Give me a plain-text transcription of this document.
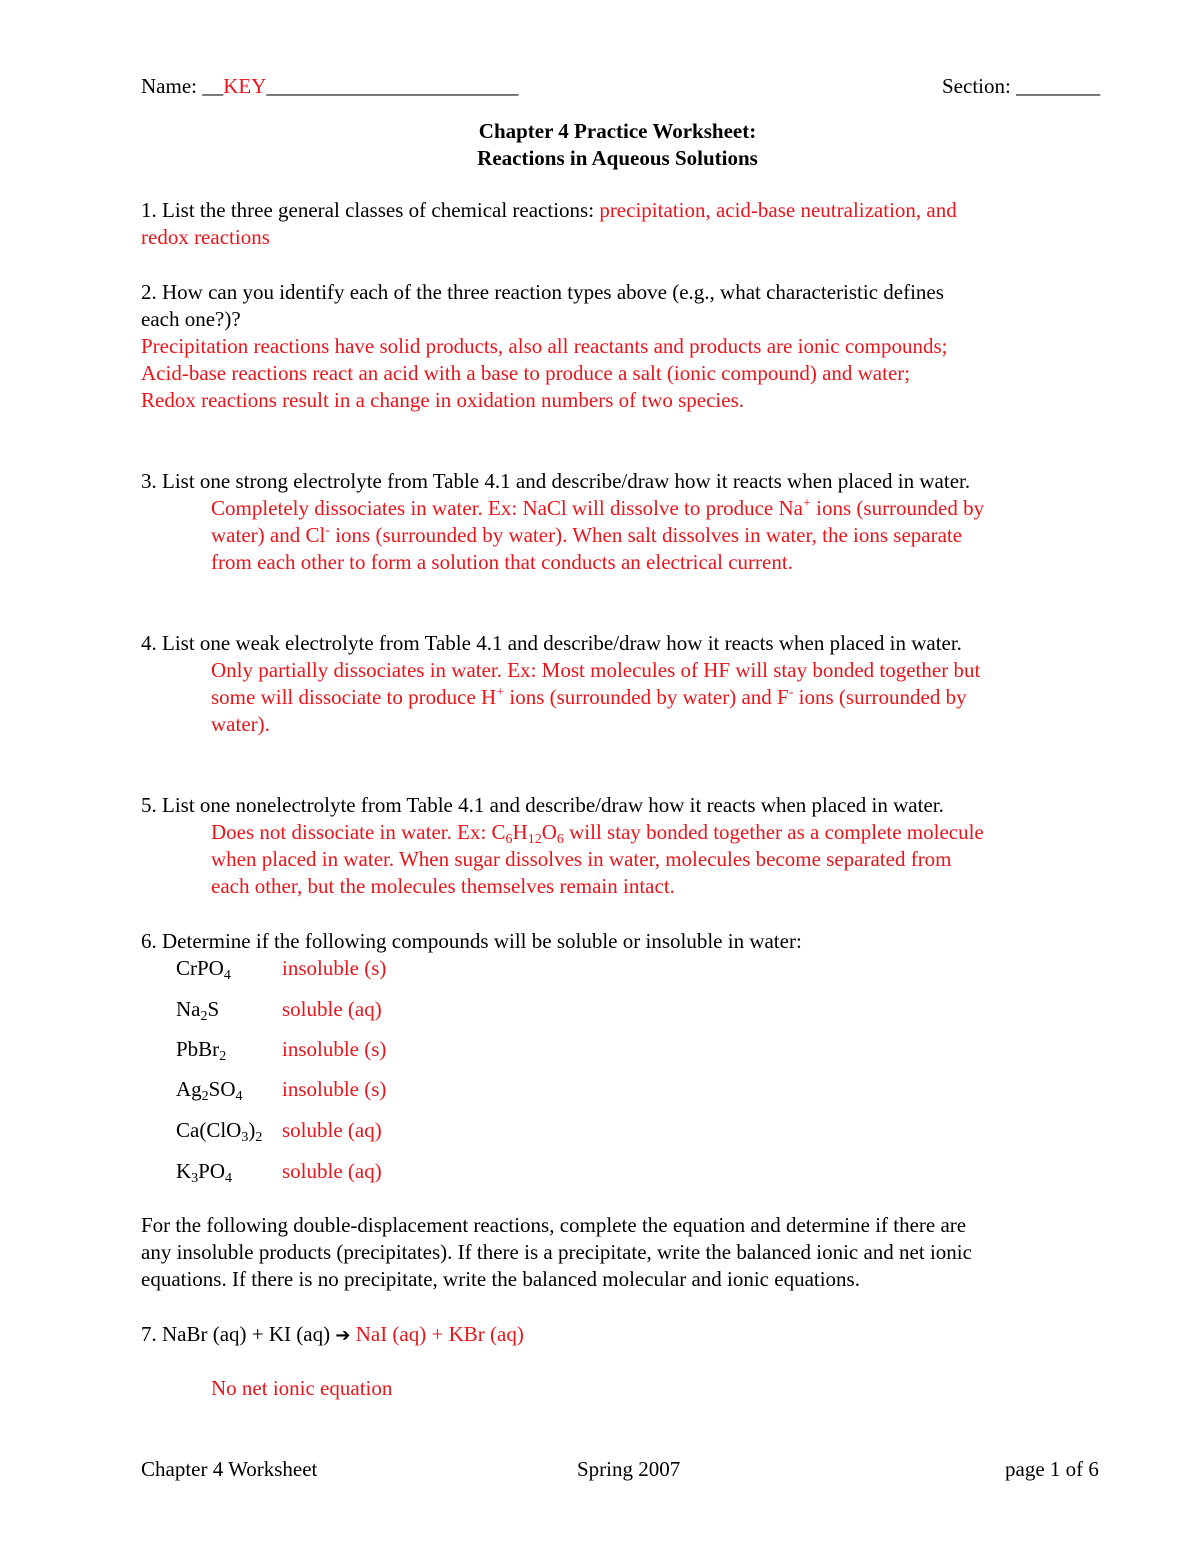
Name: __KEY________________________	Section: ________
Chapter 4 Practice Worksheet:
Reactions in Aqueous Solutions
1. List the three general classes of chemical reactions: precipitation, acid-base neutralization, and
redox reactions
2. How can you identify each of the three reaction types above (e.g., what characteristic defines
each one?)?
Precipitation reactions have solid products, also all reactants and products are ionic compounds;
Acid-base reactions react an acid with a base to produce a salt (ionic compound) and water;
Redox reactions result in a change in oxidation numbers of two species.
3. List one strong electrolyte from Table 4.1 and describe/draw how it reacts when placed in water.
Completely dissociates in water. Ex: NaCl will dissolve to produce Na+ ions (surrounded by
water) and Cl- ions (surrounded by water). When salt dissolves in water, the ions separate
from each other to form a solution that conducts an electrical current.
4. List one weak electrolyte from Table 4.1 and describe/draw how it reacts when placed in water.
Only partially dissociates in water. Ex: Most molecules of HF will stay bonded together but
some will dissociate to produce H+ ions (surrounded by water) and F- ions (surrounded by
water).
5. List one nonelectrolyte from Table 4.1 and describe/draw how it reacts when placed in water.
Does not dissociate in water. Ex: $C_6H_{12}O_6$ will stay bonded together as a complete molecule
when placed in water. When sugar dissolves in water, molecules become separated from
each other, but the molecules themselves remain intact.
6. Determine if the following compounds will be soluble or insoluble in water:
CrPO$_4$ insoluble (s)
$Na_2S$	soluble (aq)
PbBr$_2$	insoluble (s)
$Ag_2SO_4$ insoluble (s)
$Ca(ClO_3)_2$ soluble (aq)
$K_3PO_4$ soluble (aq)
For the following double-displacement reactions, complete the equation and determine if there are
any insoluble products (precipitates). If there is a precipitate, write the balanced ionic and net ionic
equations. If there is no precipitate, write the balanced molecular and ionic equations.
7. NaBr (aq) + KI (aq) ➔ NaI (aq) + KBr (aq)
No net ionic equation
Chapter 4 Worksheet	Spring 2007	page 1 of 6
